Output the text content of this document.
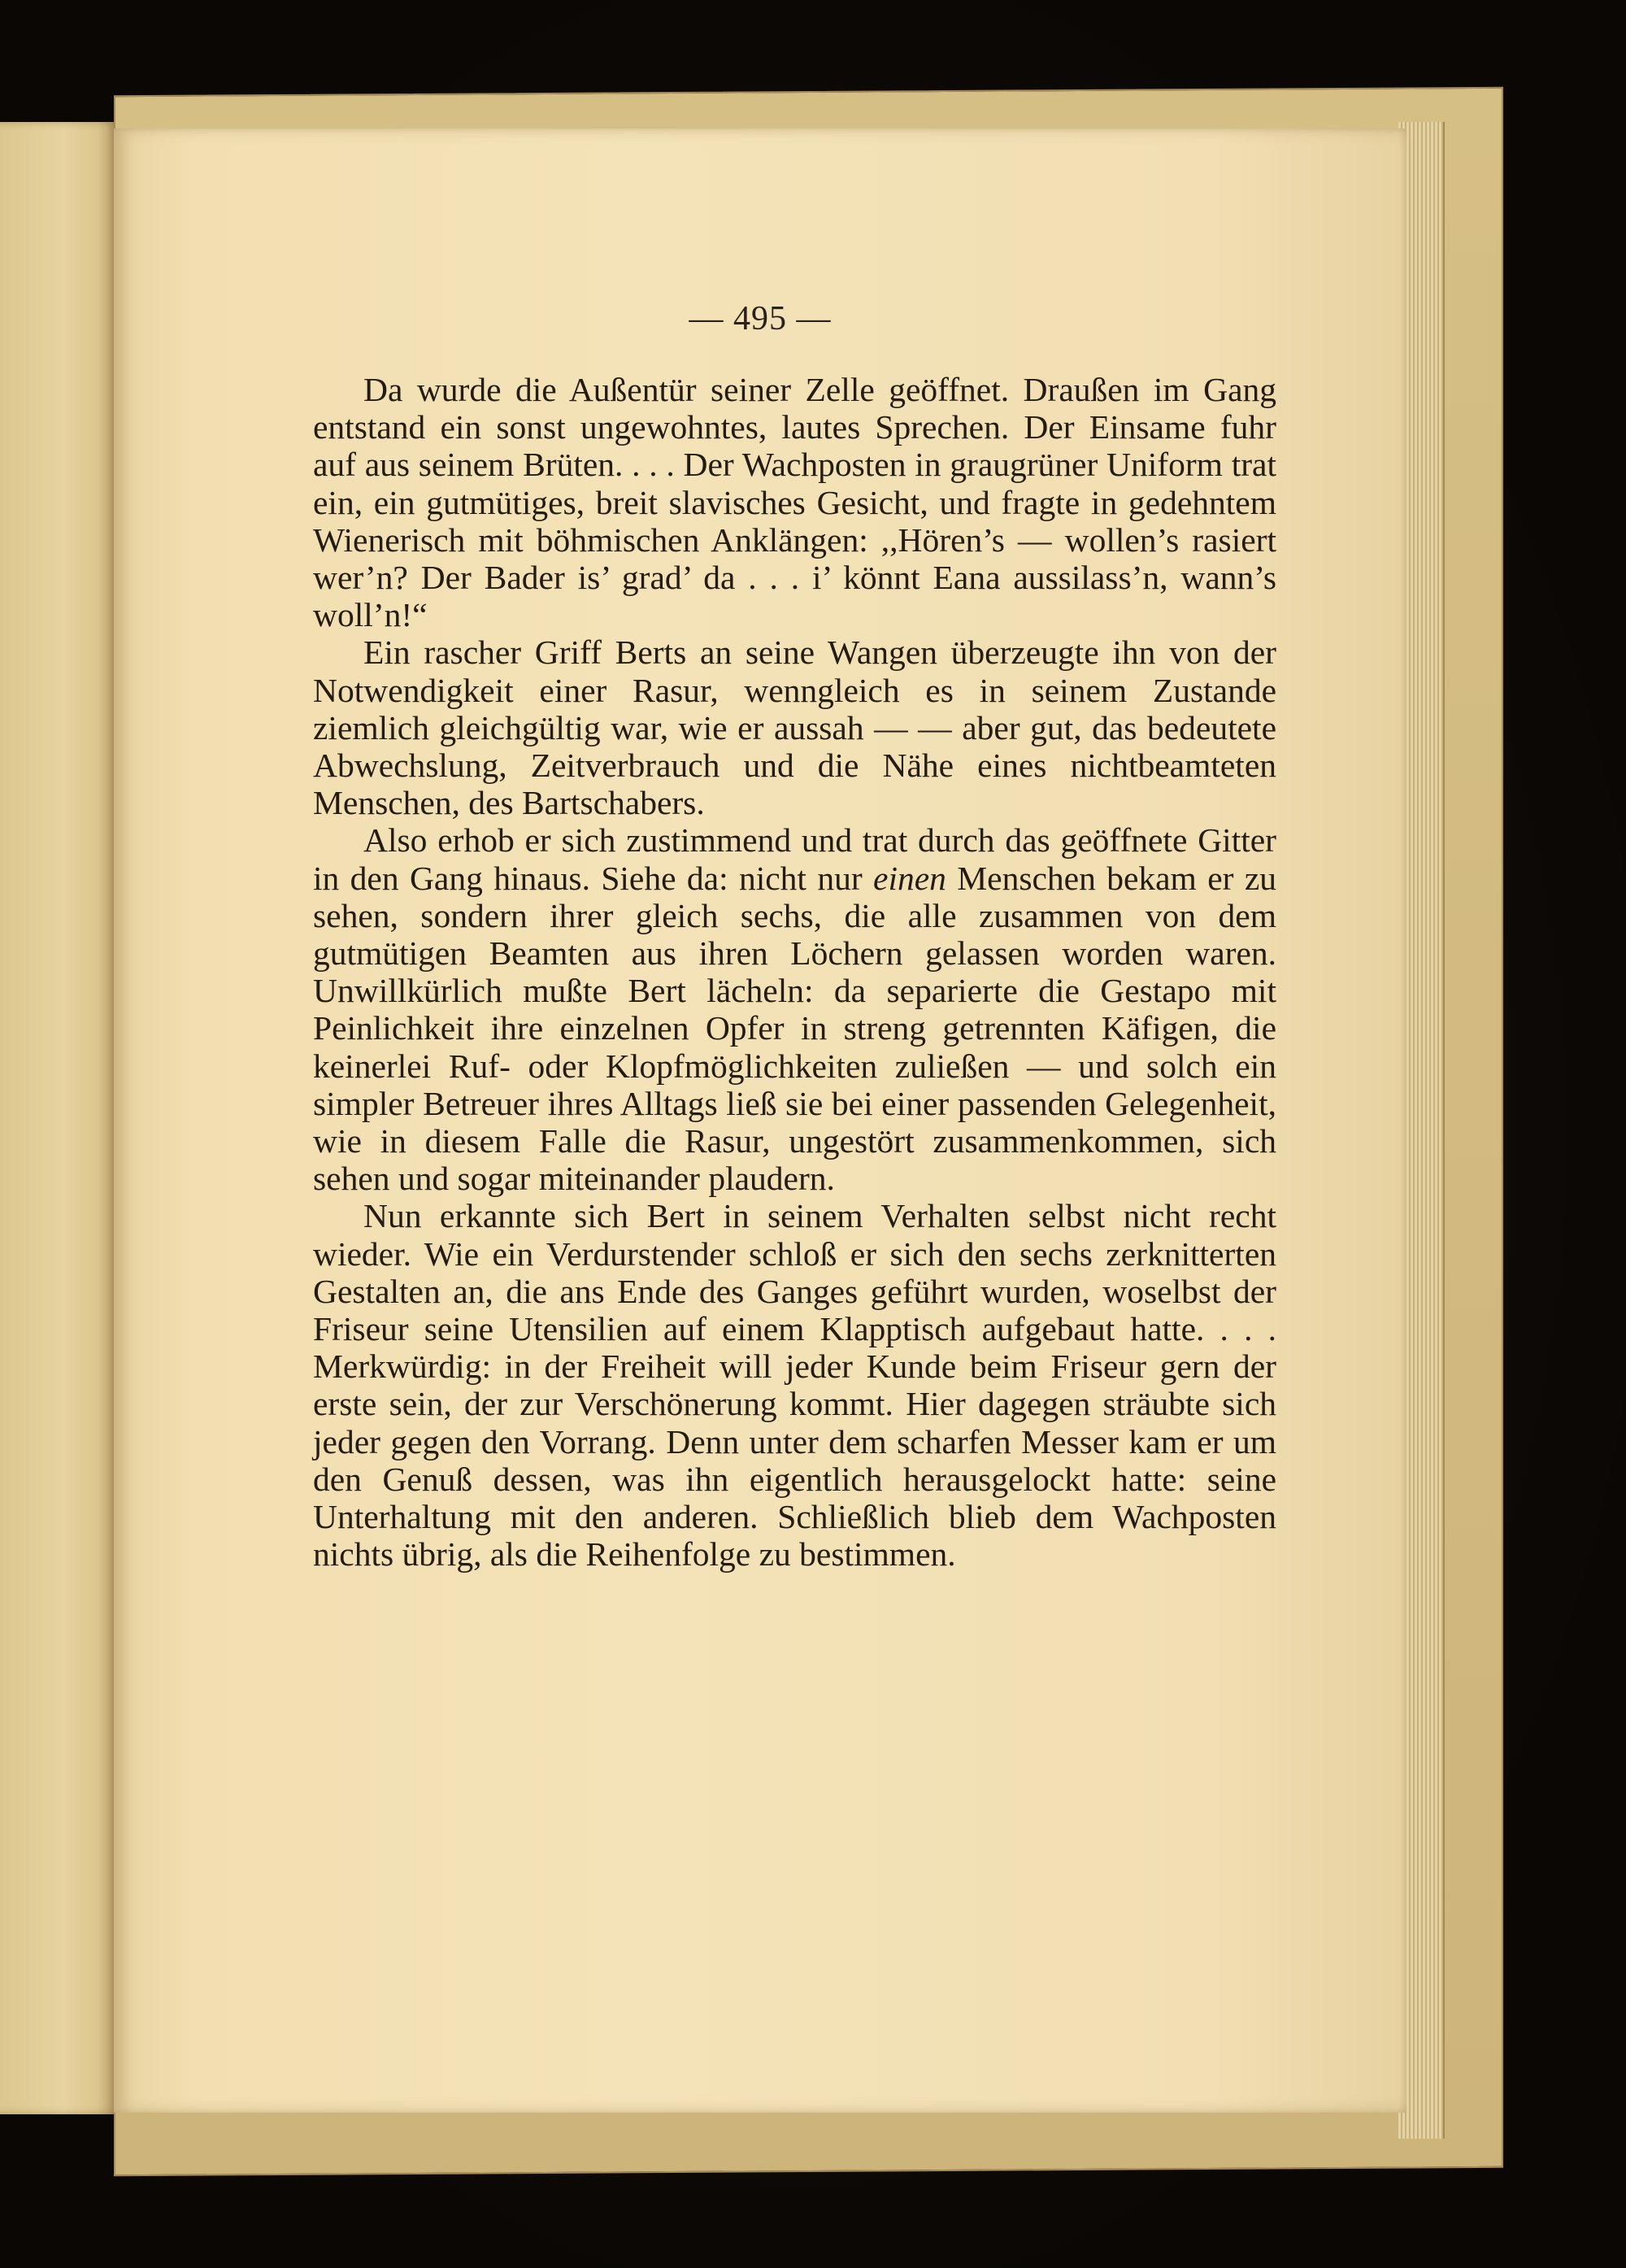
— 495 —

Da wurde die Außentür seiner Zelle geöffnet. Draußen im Gang entstand ein sonst ungewohntes, lautes Sprechen. Der Einsame fuhr auf aus seinem Brüten. . . . Der Wachposten in graugrüner Uniform trat ein, ein gutmütiges, breit slavisches Gesicht, und fragte in gedehntem Wienerisch mit böhmischen Anklängen: ,,Hören’s — wollen’s rasiert wer’n? Der Bader is’ grad’ da . . . i’ könnt Eana aussilass’n, wann’s woll’n!“

Ein rascher Griff Berts an seine Wangen überzeugte ihn von der Notwendigkeit einer Rasur, wenngleich es in seinem Zustande ziemlich gleichgültig war, wie er aussah — — aber gut, das bedeutete Abwechslung, Zeitverbrauch und die Nähe eines nichtbeamteten Menschen, des Bartschabers.

Also erhob er sich zustimmend und trat durch das geöffnete Gitter in den Gang hinaus. Siehe da: nicht nur einen Menschen bekam er zu sehen, sondern ihrer gleich sechs, die alle zusammen von dem gutmütigen Beamten aus ihren Löchern gelassen worden waren. Unwillkürlich mußte Bert lächeln: da separierte die Gestapo mit Peinlichkeit ihre einzelnen Opfer in streng getrennten Käfigen, die keinerlei Ruf- oder Klopfmöglichkeiten zuließen — und solch ein simpler Betreuer ihres Alltags ließ sie bei einer passenden Gelegenheit, wie in diesem Falle die Rasur, ungestört zusammenkommen, sich sehen und sogar miteinander plaudern.

Nun erkannte sich Bert in seinem Verhalten selbst nicht recht wieder. Wie ein Verdurstender schloß er sich den sechs zerknitterten Gestalten an, die ans Ende des Ganges geführt wurden, woselbst der Friseur seine Utensilien auf einem Klapptisch aufgebaut hatte. . . . Merkwürdig: in der Freiheit will jeder Kunde beim Friseur gern der erste sein, der zur Verschönerung kommt. Hier dagegen sträubte sich jeder gegen den Vorrang. Denn unter dem scharfen Messer kam er um den Genuß dessen, was ihn eigentlich herausgelockt hatte: seine Unterhaltung mit den anderen. Schließlich blieb dem Wachposten nichts übrig, als die Reihenfolge zu bestimmen.
